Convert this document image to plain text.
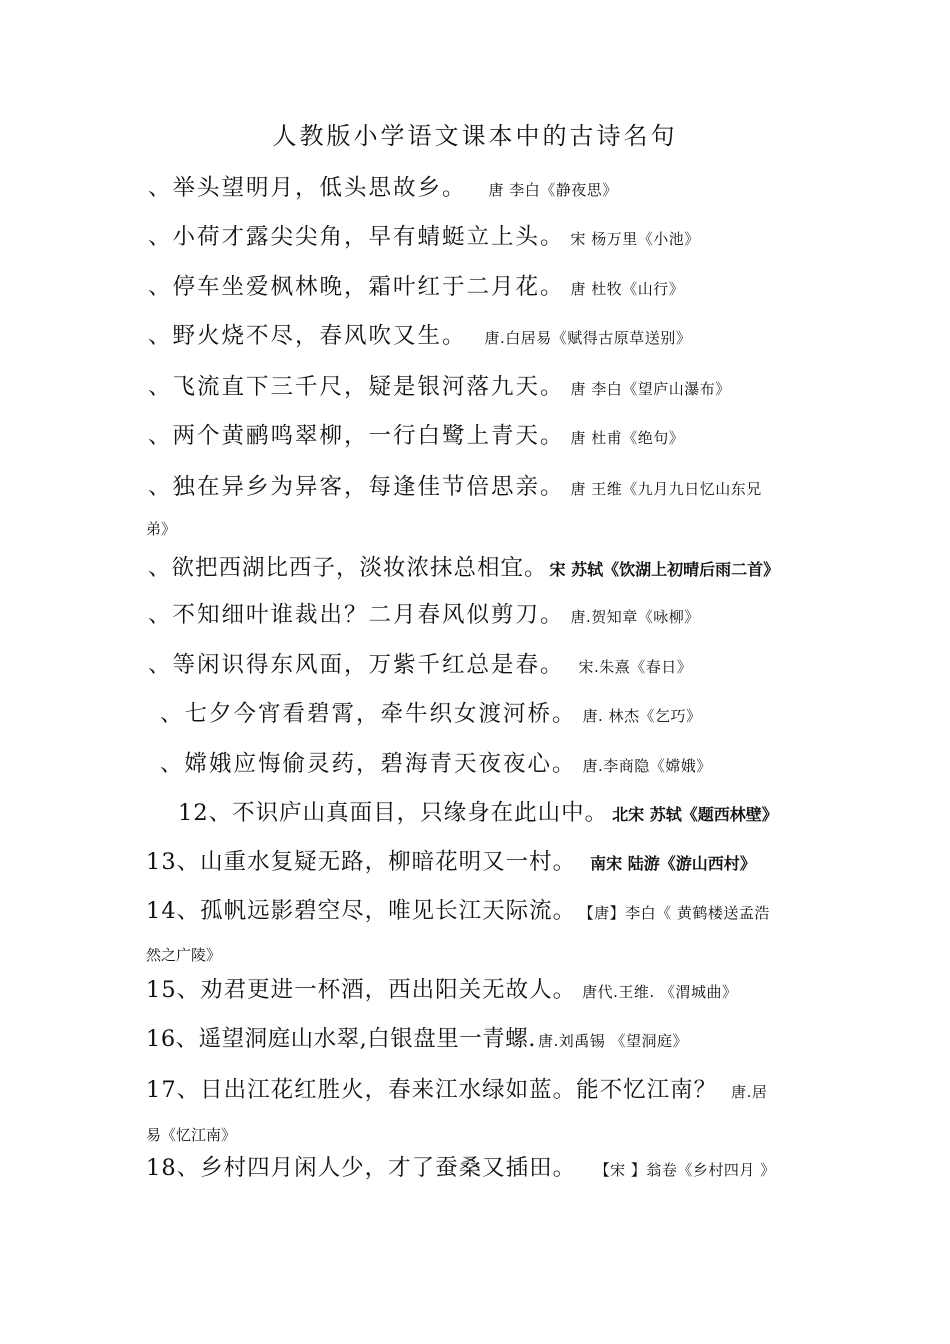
人教版小学语文课本中的古诗名句
、举头望明月，低头思故乡。 唐 李白《静夜思》
、小荷才露尖尖角，早有蜻蜓立上头。 宋 杨万里《小池》
、停车坐爱枫林晚，霜叶红于二月花。 唐 杜牧《山行》
、野火烧不尽，春风吹又生。 唐.白居易《赋得古原草送别》
、飞流直下三千尺，疑是银河落九天。 唐 李白《望庐山瀑布》
、两个黄鹂鸣翠柳，一行白鹭上青天。 唐 杜甫《绝句》
、独在异乡为异客，每逢佳节倍思亲。 唐 王维《九月九日忆山东兄
弟》
、欲把西湖比西子，淡妆浓抹总相宜。 宋 苏轼《饮湖上初晴后雨二首》
、不知细叶谁裁出？二月春风似剪刀。 唐.贺知章《咏柳》
、等闲识得东风面，万紫千红总是春。 宋.朱熹《春日》
、七夕今宵看碧霄，牵牛织女渡河桥。 唐. 林杰《乞巧》
、嫦娥应悔偷灵药，碧海青天夜夜心。 唐.李商隐《嫦娥》
12、不识庐山真面目，只缘身在此山中。 北宋 苏轼《题西林壁》
13、山重水复疑无路，柳暗花明又一村。 南宋 陆游《游山西村》
14、孤帆远影碧空尽，唯见长江天际流。 【唐】李白《 黄鹤楼送孟浩
然之广陵》
15、劝君更进一杯酒，西出阳关无故人。 唐代.王维. 《渭城曲》
16、遥望洞庭山水翠,白银盘里一青螺. 唐.刘禹锡 《望洞庭》
17、日出江花红胜火，春来江水绿如蓝。能不忆江南？ 唐.居
易《忆江南》
18、乡村四月闲人少，才了蚕桑又插田。 【宋 】翁卷《乡村四月 》
